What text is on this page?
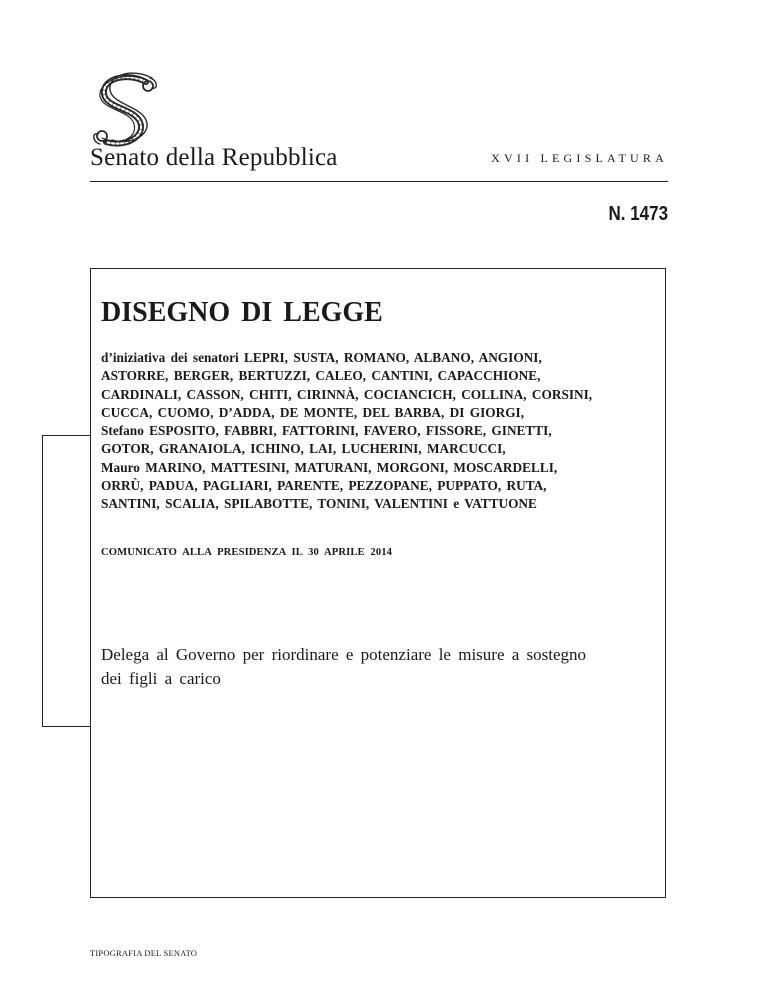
Senato della Repubblica	XVII LEGISLATURA
N. 1473
DISEGNO DI LEGGE
d’iniziativa dei senatori LEPRI, SUSTA, ROMANO, ALBANO, ANGIONI,
ASTORRE, BERGER, BERTUZZI, CALEO, CANTINI, CAPACCHIONE,
CARDINALI, CASSON, CHITI, CIRINNÀ, COCIANCICH, COLLINA, CORSINI,
CUCCA, CUOMO, D’ADDA, DE MONTE, DEL BARBA, DI GIORGI,
Stefano ESPOSITO, FABBRI, FATTORINI, FAVERO, FISSORE, GINETTI,
GOTOR, GRANAIOLA, ICHINO, LAI, LUCHERINI, MARCUCCI,
Mauro MARINO, MATTESINI, MATURANI, MORGONI, MOSCARDELLI,
ORRÙ, PADUA, PAGLIARI, PARENTE, PEZZOPANE, PUPPATO, RUTA,
SANTINI, SCALIA, SPILABOTTE, TONINI, VALENTINI e VATTUONE
COMUNICATO ALLA PRESIDENZA IL 30 APRILE 2014
Delega al Governo per riordinare e potenziare le misure a sostegno
dei figli a carico
TIPOGRAFIA DEL SENATO
